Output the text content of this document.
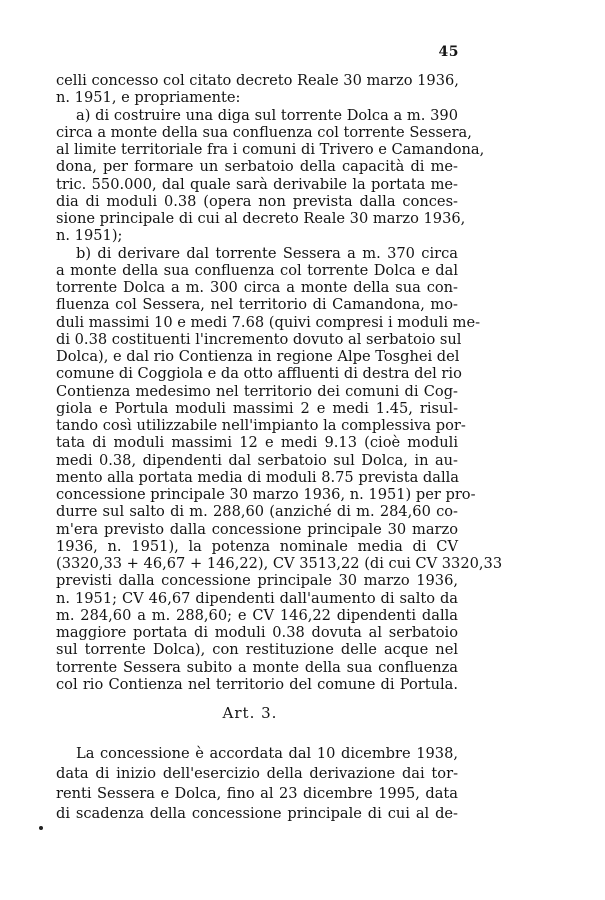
45
celli concesso col citato decreto Reale 30 marzo 1936,
n. 1951, e propriamente:
a) di costruire una diga sul torrente Dolca a m. 390
circa a monte della sua confluenza col torrente Sessera,
al limite territoriale fra i comuni di Trivero e Camandona,
dona, per formare un serbatoio della capacità di me-
tric. 550.000, dal quale sarà derivabile la portata me-
dia di moduli 0.38 (opera non prevista dalla conces-
sione principale di cui al decreto Reale 30 marzo 1936,
n. 1951);
b) di derivare dal torrente Sessera a m. 370 circa
a monte della sua confluenza col torrente Dolca e dal
torrente Dolca a m. 300 circa a monte della sua con-
fluenza col Sessera, nel territorio di Camandona, mo-
duli massimi 10 e medi 7.68 (quivi compresi i moduli me-
di 0.38 costituenti l'incremento dovuto al serbatoio sul
Dolca), e dal rio Contienza in regione Alpe Tosghei del
comune di Coggiola e da otto affluenti di destra del rio
Contienza medesimo nel territorio dei comuni di Cog-
giola e Portula moduli massimi 2 e medi 1.45, risul-
tando così utilizzabile nell'impianto la complessiva por-
tata di moduli massimi 12 e medi 9.13 (cioè moduli
medi 0.38, dipendenti dal serbatoio sul Dolca, in au-
mento alla portata media di moduli 8.75 prevista dalla
concessione principale 30 marzo 1936, n. 1951) per pro-
durre sul salto di m. 288,60 (anziché di m. 284,60 co-
m'era previsto dalla concessione principale 30 marzo
1936, n. 1951), la potenza nominale media di CV
(3320,33 + 46,67 + 146,22), CV 3513,22 (di cui CV 3320,33
previsti dalla concessione principale 30 marzo 1936,
n. 1951; CV 46,67 dipendenti dall'aumento di salto da
m. 284,60 a m. 288,60; e CV 146,22 dipendenti dalla
maggiore portata di moduli 0.38 dovuta al serbatoio
sul torrente Dolca), con restituzione delle acque nel
torrente Sessera subito a monte della sua confluenza
col rio Contienza nel territorio del comune di Portula.
Art. 3.
La concessione è accordata dal 10 dicembre 1938,
data di inizio dell'esercizio della derivazione dai tor-
renti Sessera e Dolca, fino al 23 dicembre 1995, data
di scadenza della concessione principale di cui al de-
